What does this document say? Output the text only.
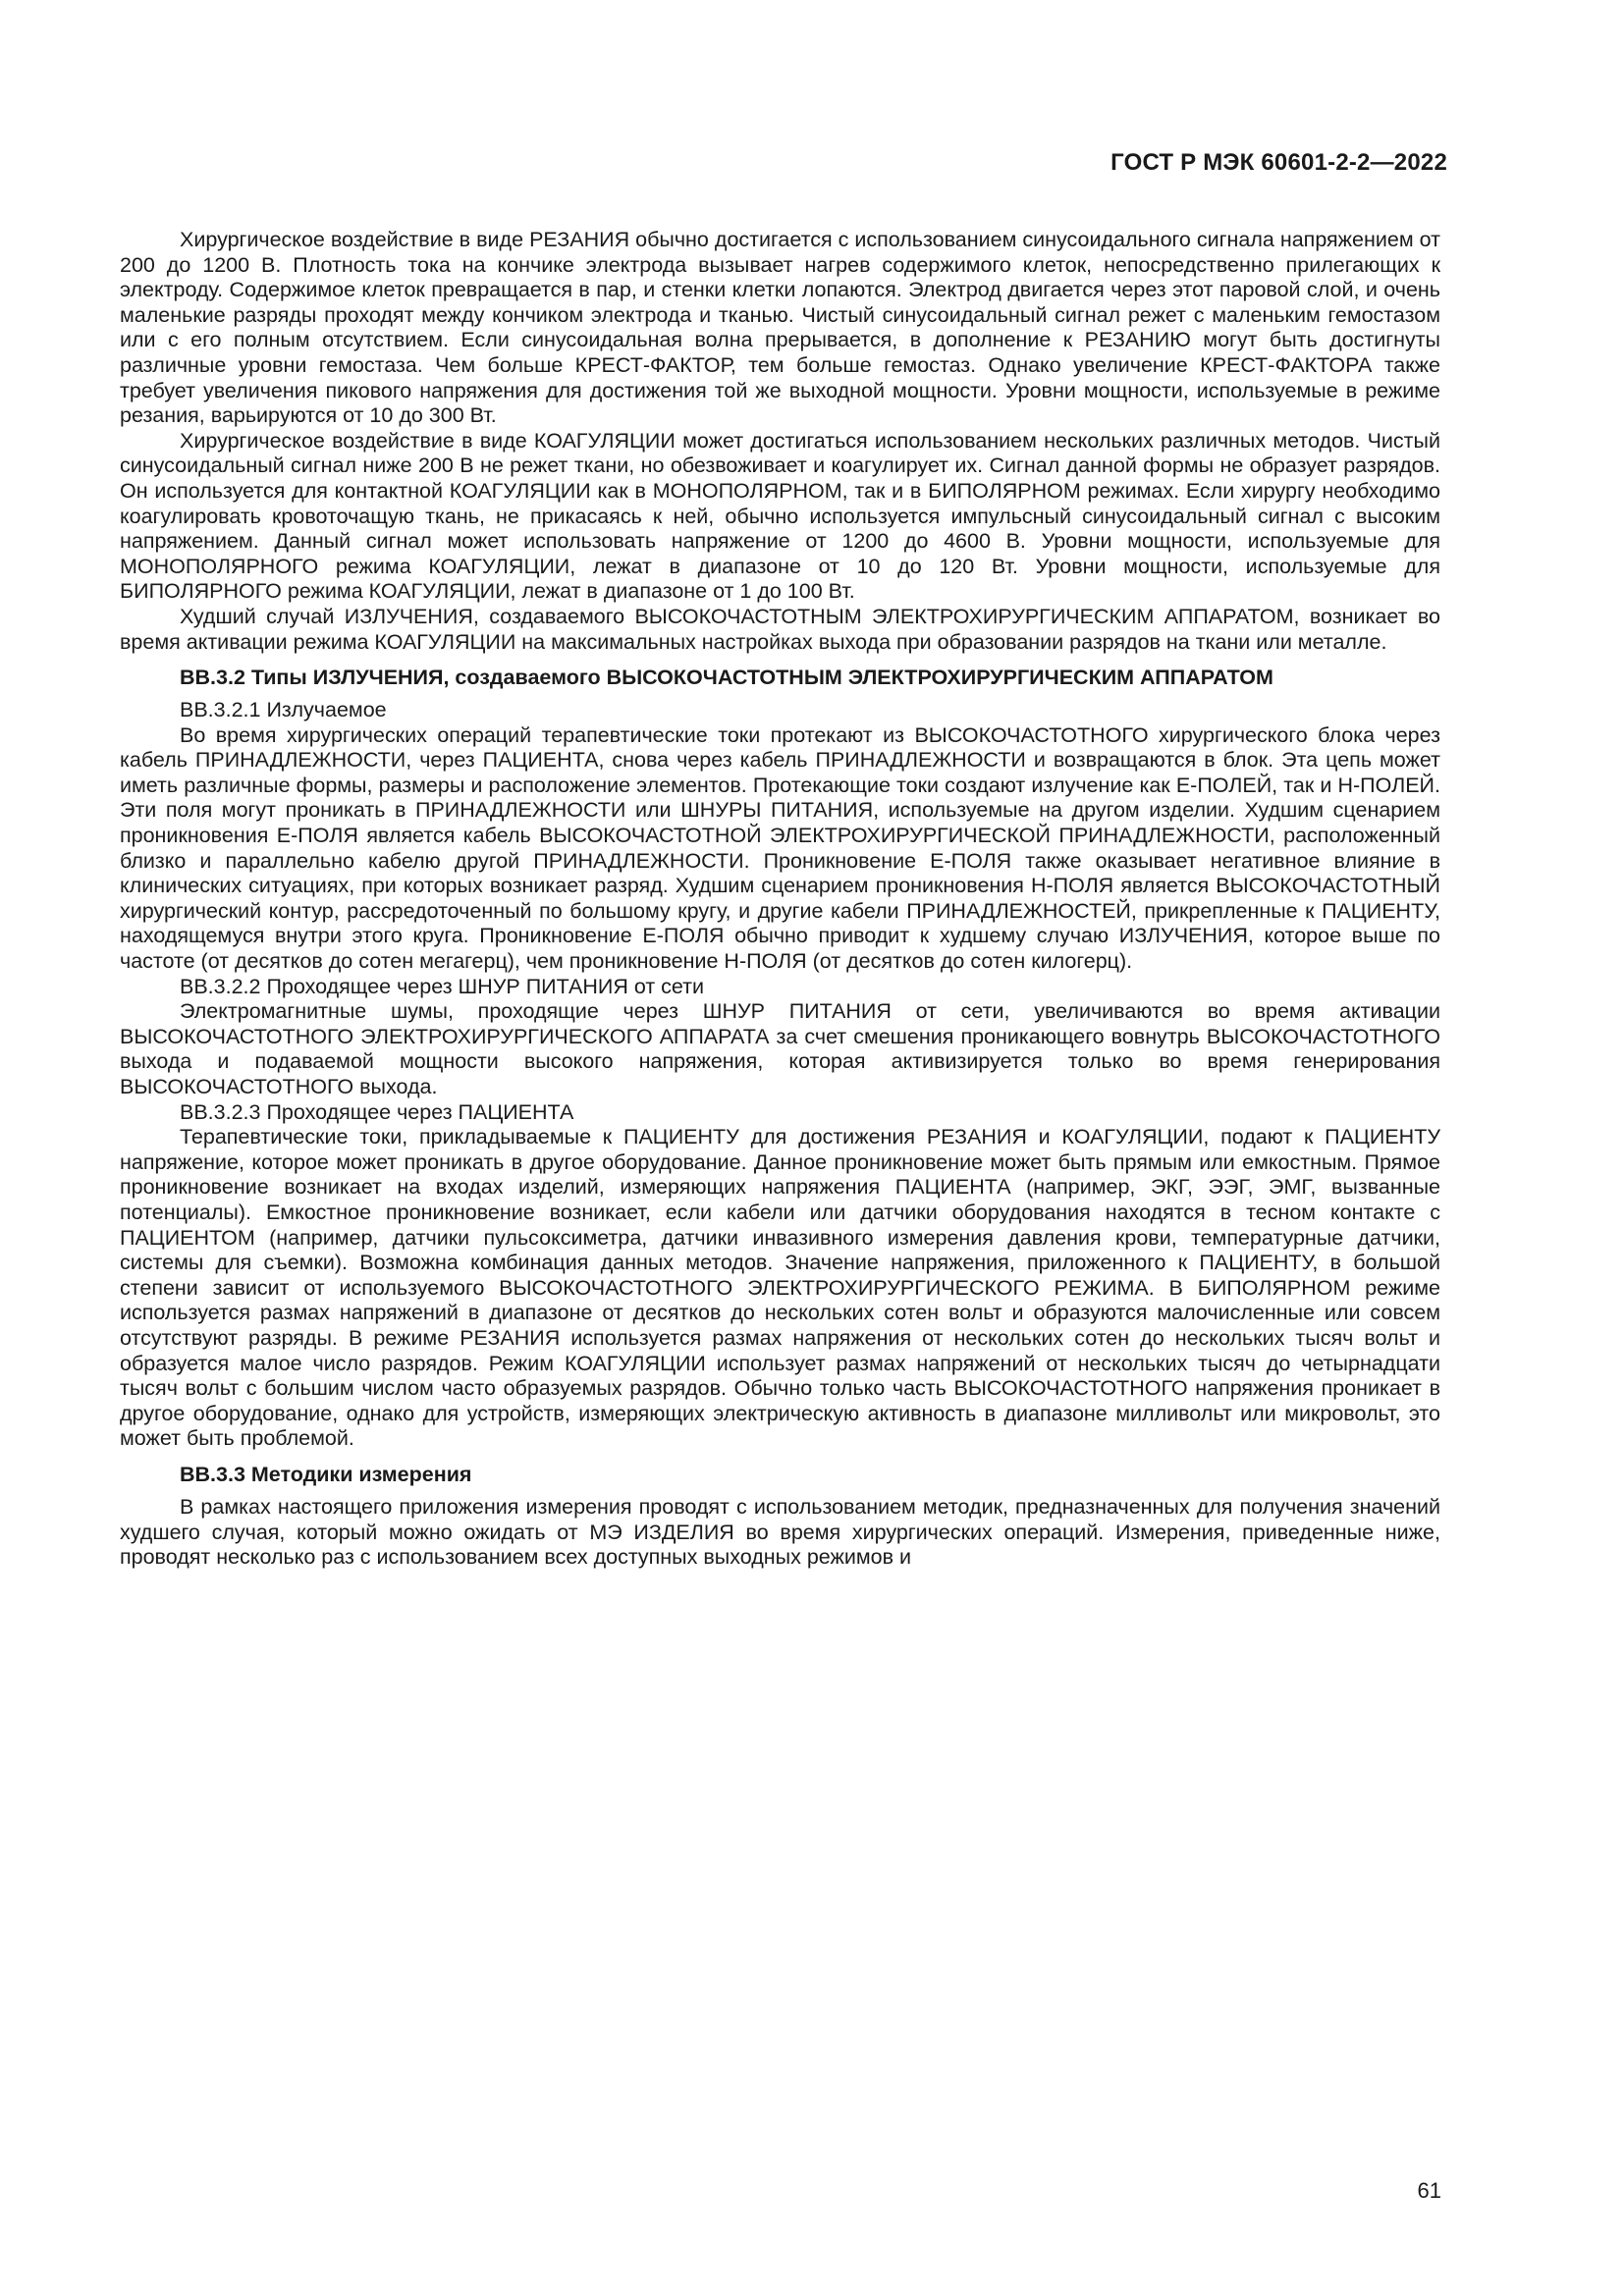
ГОСТ Р МЭК 60601-2-2—2022

Хирургическое воздействие в виде РЕЗАНИЯ обычно достигается с использованием синусоидального сигнала напряжением от 200 до 1200 В. Плотность тока на кончике электрода вызывает нагрев содержимого клеток, непосредственно прилегающих к электроду. Содержимое клеток превращается в пар, и стенки клетки лопаются. Электрод двигается через этот паровой слой, и очень маленькие разряды проходят между кончиком электрода и тканью. Чистый синусоидальный сигнал режет с маленьким гемостазом или с его полным отсутствием. Если синусоидальная волна прерывается, в дополнение к РЕЗАНИЮ могут быть достигнуты различные уровни гемостаза. Чем больше КРЕСТ-ФАКТОР, тем больше гемостаз. Однако увеличение КРЕСТ-ФАКТОРА также требует увеличения пикового напряжения для достижения той же выходной мощности. Уровни мощности, используемые в режиме резания, варьируются от 10 до 300 Вт.

Хирургическое воздействие в виде КОАГУЛЯЦИИ может достигаться использованием нескольких различных методов. Чистый синусоидальный сигнал ниже 200 В не режет ткани, но обезвоживает и коагулирует их. Сигнал данной формы не образует разрядов. Он используется для контактной КОАГУЛЯЦИИ как в МОНОПОЛЯРНОМ, так и в БИПОЛЯРНОМ режимах. Если хирургу необходимо коагулировать кровоточащую ткань, не прикасаясь к ней, обычно используется импульсный синусоидальный сигнал с высоким напряжением. Данный сигнал может использовать напряжение от 1200 до 4600 В. Уровни мощности, используемые для МОНОПОЛЯРНОГО режима КОАГУЛЯЦИИ, лежат в диапазоне от 10 до 120 Вт. Уровни мощности, используемые для БИПОЛЯРНОГО режима КОАГУЛЯЦИИ, лежат в диапазоне от 1 до 100 Вт.

Худший случай ИЗЛУЧЕНИЯ, создаваемого ВЫСОКОЧАСТОТНЫМ ЭЛЕКТРОХИРУРГИЧЕСКИМ АППАРАТОМ, возникает во время активации режима КОАГУЛЯЦИИ на максимальных настройках выхода при образовании разрядов на ткани или металле.

ВВ.3.2 Типы ИЗЛУЧЕНИЯ, создаваемого ВЫСОКОЧАСТОТНЫМ ЭЛЕКТРОХИРУРГИЧЕСКИМ АППАРАТОМ

ВВ.3.2.1 Излучаемое

Во время хирургических операций терапевтические токи протекают из ВЫСОКОЧАСТОТНОГО хирургического блока через кабель ПРИНАДЛЕЖНОСТИ, через ПАЦИЕНТА, снова через кабель ПРИНАДЛЕЖНОСТИ и возвращаются в блок. Эта цепь может иметь различные формы, размеры и расположение элементов. Протекающие токи создают излучение как Е-ПОЛЕЙ, так и Н-ПОЛЕЙ. Эти поля могут проникать в ПРИНАДЛЕЖНОСТИ или ШНУРЫ ПИТАНИЯ, используемые на другом изделии. Худшим сценарием проникновения Е-ПОЛЯ является кабель ВЫСОКОЧАСТОТНОЙ ЭЛЕКТРОХИРУРГИЧЕСКОЙ ПРИНАДЛЕЖНОСТИ, расположенный близко и параллельно кабелю другой ПРИНАДЛЕЖНОСТИ. Проникновение Е-ПОЛЯ также оказывает негативное влияние в клинических ситуациях, при которых возникает разряд. Худшим сценарием проникновения Н-ПОЛЯ является ВЫСОКОЧАСТОТНЫЙ хирургический контур, рассредоточенный по большому кругу, и другие кабели ПРИНАДЛЕЖНОСТЕЙ, прикрепленные к ПАЦИЕНТУ, находящемуся внутри этого круга. Проникновение Е-ПОЛЯ обычно приводит к худшему случаю ИЗЛУЧЕНИЯ, которое выше по частоте (от десятков до сотен мегагерц), чем проникновение Н-ПОЛЯ (от десятков до сотен килогерц).

ВВ.3.2.2 Проходящее через ШНУР ПИТАНИЯ от сети

Электромагнитные шумы, проходящие через ШНУР ПИТАНИЯ от сети, увеличиваются во время активации ВЫСОКОЧАСТОТНОГО ЭЛЕКТРОХИРУРГИЧЕСКОГО АППАРАТА за счет смешения проникающего вовнутрь ВЫСОКОЧАСТОТНОГО выхода и подаваемой мощности высокого напряжения, которая активизируется только во время генерирования ВЫСОКОЧАСТОТНОГО выхода.

ВВ.3.2.3 Проходящее через ПАЦИЕНТА

Терапевтические токи, прикладываемые к ПАЦИЕНТУ для достижения РЕЗАНИЯ и КОАГУЛЯЦИИ, подают к ПАЦИЕНТУ напряжение, которое может проникать в другое оборудование. Данное проникновение может быть прямым или емкостным. Прямое проникновение возникает на входах изделий, измеряющих напряжения ПАЦИЕНТА (например, ЭКГ, ЭЭГ, ЭМГ, вызванные потенциалы). Емкостное проникновение возникает, если кабели или датчики оборудования находятся в тесном контакте с ПАЦИЕНТОМ (например, датчики пульсоксиметра, датчики инвазивного измерения давления крови, температурные датчики, системы для съемки). Возможна комбинация данных методов. Значение напряжения, приложенного к ПАЦИЕНТУ, в большой степени зависит от используемого ВЫСОКОЧАСТОТНОГО ЭЛЕКТРОХИРУРГИЧЕСКОГО РЕЖИМА. В БИПОЛЯРНОМ режиме используется размах напряжений в диапазоне от десятков до нескольких сотен вольт и образуются малочисленные или совсем отсутствуют разряды. В режиме РЕЗАНИЯ используется размах напряжения от нескольких сотен до нескольких тысяч вольт и образуется малое число разрядов. Режим КОАГУЛЯЦИИ использует размах напряжений от нескольких тысяч до четырнадцати тысяч вольт с большим числом часто образуемых разрядов. Обычно только часть ВЫСОКОЧАСТОТНОГО напряжения проникает в другое оборудование, однако для устройств, измеряющих электрическую активность в диапазоне милливольт или микровольт, это может быть проблемой.

ВВ.3.3 Методики измерения

В рамках настоящего приложения измерения проводят с использованием методик, предназначенных для получения значений худшего случая, который можно ожидать от МЭ ИЗДЕЛИЯ во время хирургических операций. Измерения, приведенные ниже, проводят несколько раз с использованием всех доступных выходных режимов и

61
